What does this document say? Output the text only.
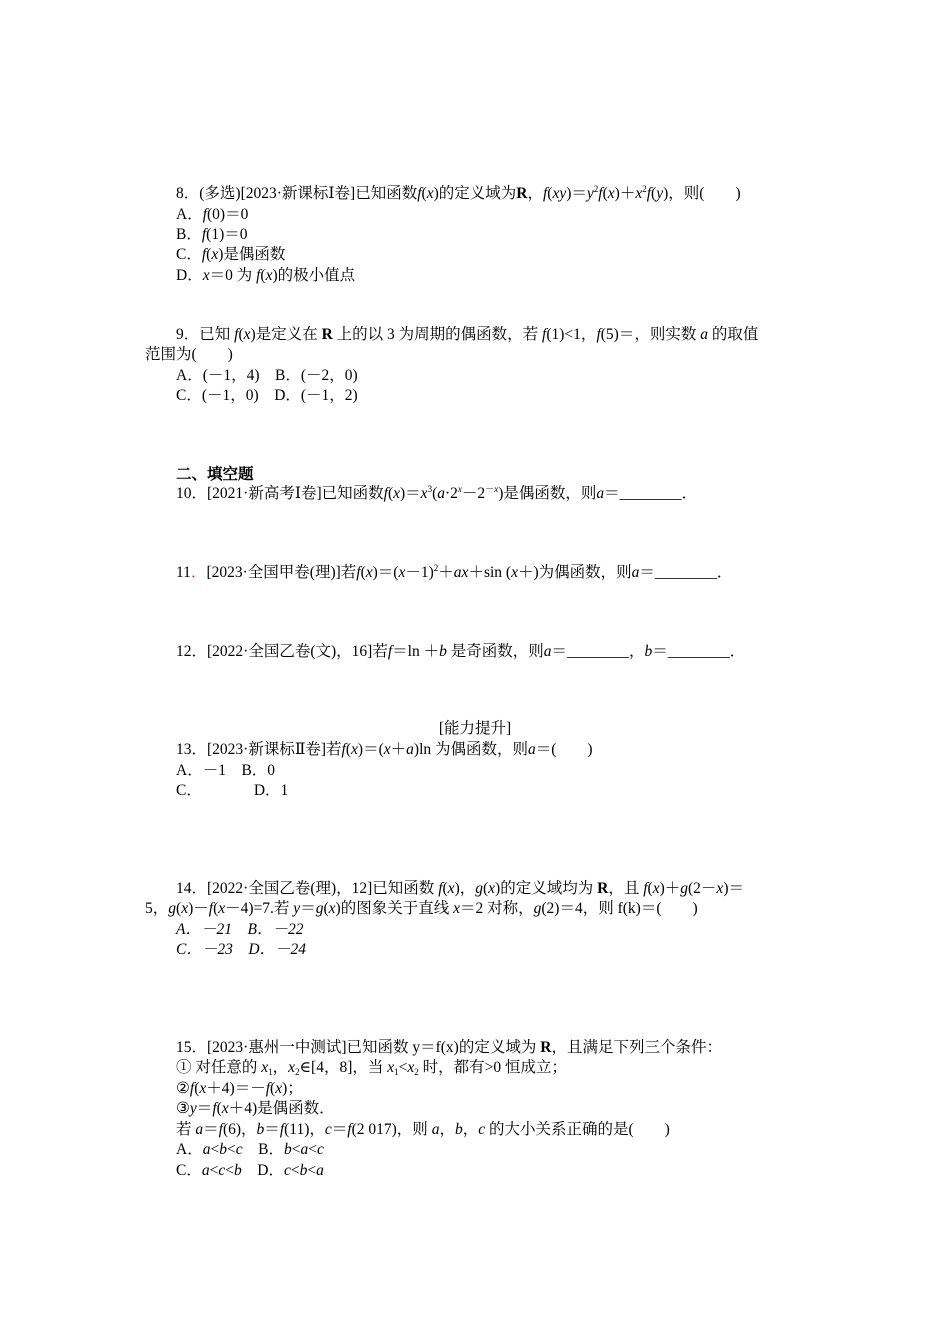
8．(多选)[2023·新课标Ⅰ卷]已知函数f(x)的定义域为R，$f(xy)=y^2f(x)+x^2f(y)$，则(　　)
A．f(0)＝0
B．f(1)＝0
C．f(x)是偶函数
D．x＝0 为 f(x)的极小值点
9．已知 f(x)是定义在 R 上的以 3 为周期的偶函数，若 f(1)<1，f(5)＝，则实数 a 的取值
范围为(　　)
A．(－1，4)　 B．(－2，0)
C．(－1，0)　 D．(－1，2)
二、填空题
10．[2021·新高考Ⅰ卷]已知函数$f(x)=x^3(a\cdot 2^x-2^{-x})$是偶函数，则a＝________．
11．[2023·全国甲卷(理)]若$f(x)=(x-1)^2+ax+\sin$ (x＋)为偶函数，则a＝________．
12．[2022·全国乙卷(文)，16]若f＝ln ＋b 是奇函数，则a＝________，b＝________．
[能力提升]
13．[2023·新课标Ⅱ卷]若f(x)＝(x＋a)ln 为偶函数，则a＝(　　)
A．－1　 B．0
C．	D．1
14．[2022·全国乙卷(理)，12]已知函数 f(x)，g(x)的定义域均为 R，且 f(x)＋g(2－x)＝
5，g(x)－f(x－4)=7.若 y＝g(x)的图象关于直线 x＝2 对称，g(2)＝4，则 f(k)＝(　　)
A．－21　 B．－22
C．－23　 D．－24
15．[2023·惠州一中测试]已知函数 y＝f(x)的定义域为 R，且满足下列三个条件：
① 对任意的 $x_1$，$x_2\in[4$，8]，当 $x_1<x_2$ 时，都有>0 恒成立；
②f(x＋4)＝－f(x)；
③y＝f(x＋4)是偶函数．
若 a＝f(6)，b＝f(11)，c＝f(2 017)，则 a，b，c 的大小关系正确的是(　　)
A．a<b<c　 B．b<a<c
C．a<c<b　 D．c<b<a
